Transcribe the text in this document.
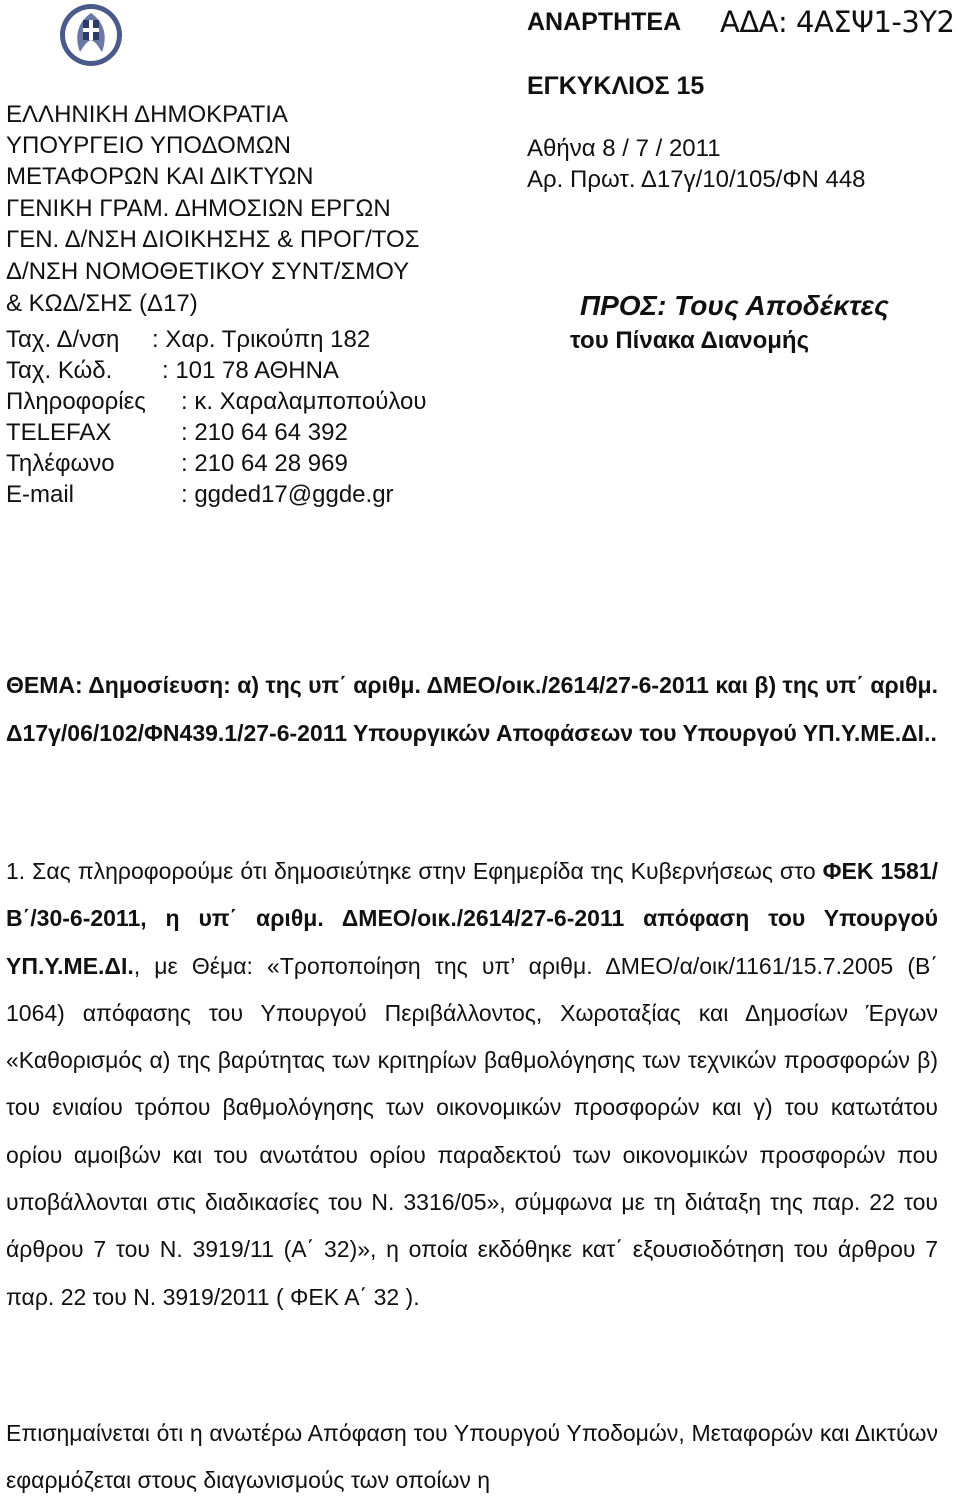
ΕΛΛΗΝΙΚΗ ΔΗΜΟΚΡΑΤΙΑ
ΥΠΟΥΡΓΕΙΟ ΥΠΟΔΟΜΩΝ
ΜΕΤΑΦΟΡΩΝ ΚΑΙ ΔΙΚΤΥΩΝ
ΓΕΝΙΚΗ ΓΡΑΜ. ΔΗΜΟΣΙΩΝ ΕΡΓΩΝ
ΓΕΝ. Δ/ΝΣΗ ΔΙΟΙΚΗΣΗΣ & ΠΡΟΓ/ΤΟΣ
Δ/ΝΣΗ ΝΟΜΟΘΕΤΙΚΟΥ ΣΥΝΤ/ΣΜΟΥ
& ΚΩΔ/ΣΗΣ (Δ17)
Ταχ. Δ/νση : Χαρ. Τρικούπη 182
Ταχ. Κώδ. : 101 78 ΑΘΗΝΑ
Πληροφορίες : κ. Χαραλαμποπούλου
TELEFAX	: 210 64 64 392
Τηλέφωνο	: 210 64 28 969
E-mail	: ggded17@ggde.gr
ΑΝΑΡΤΗΤΕΑ ΑΔΑ: 4ΑΣΨ1-3Υ2
ΕΓΚΥΚΛΙΟΣ 15
Αθήνα 8 / 7 / 2011
Αρ. Πρωτ. Δ17γ/10/105/ΦΝ 448
ΠΡΟΣ: Τους Αποδέκτες
του Πίνακα Διανομής
ΘΕΜΑ: Δημοσίευση: α) της υπ΄ αριθμ. ΔΜΕΟ/οικ./2614/27-6-2011 και β) της υπ΄ αριθμ. Δ17γ/06/102/ΦΝ439.1/27-6-2011 Υπουργικών Αποφάσεων του Υπουργού ΥΠ.Υ.ΜΕ.ΔΙ..
1. Σας πληροφορούμε ότι δημοσιεύτηκε στην Εφημερίδα της Κυβερνήσεως στο ΦΕΚ 1581/Β΄/30-6-2011, η υπ΄ αριθμ. ΔΜΕΟ/οικ./2614/27-6-2011 απόφαση του Υπουργού ΥΠ.Υ.ΜΕ.ΔΙ., με Θέμα: «Τροποποίηση της υπ’ αριθμ. ΔΜΕΟ/α/οικ/1161/15.7.2005 (Β΄ 1064) απόφασης του Υπουργού Περιβάλλοντος, Χωροταξίας και Δημοσίων Έργων «Καθορισμός α) της βαρύτητας των κριτηρίων βαθμολόγησης των τεχνικών προσφορών β) του ενιαίου τρόπου βαθμολόγησης των οικονομικών προσφορών και γ) του κατωτάτου ορίου αμοιβών και του ανωτάτου ορίου παραδεκτού των οικονομικών προσφορών που υποβάλλονται στις διαδικασίες του Ν. 3316/05», σύμφωνα με τη διάταξη της παρ. 22 του άρθρου 7 του Ν. 3919/11 (Α΄ 32)», η οποία εκδόθηκε κατ΄ εξουσιοδότηση του άρθρου 7 παρ. 22 του Ν. 3919/2011 ( ΦΕΚ Α΄ 32 ).
Επισημαίνεται ότι η ανωτέρω Απόφαση του Υπουργού Υποδομών, Μεταφορών και Δικτύων εφαρμόζεται στους διαγωνισμούς των οποίων η
